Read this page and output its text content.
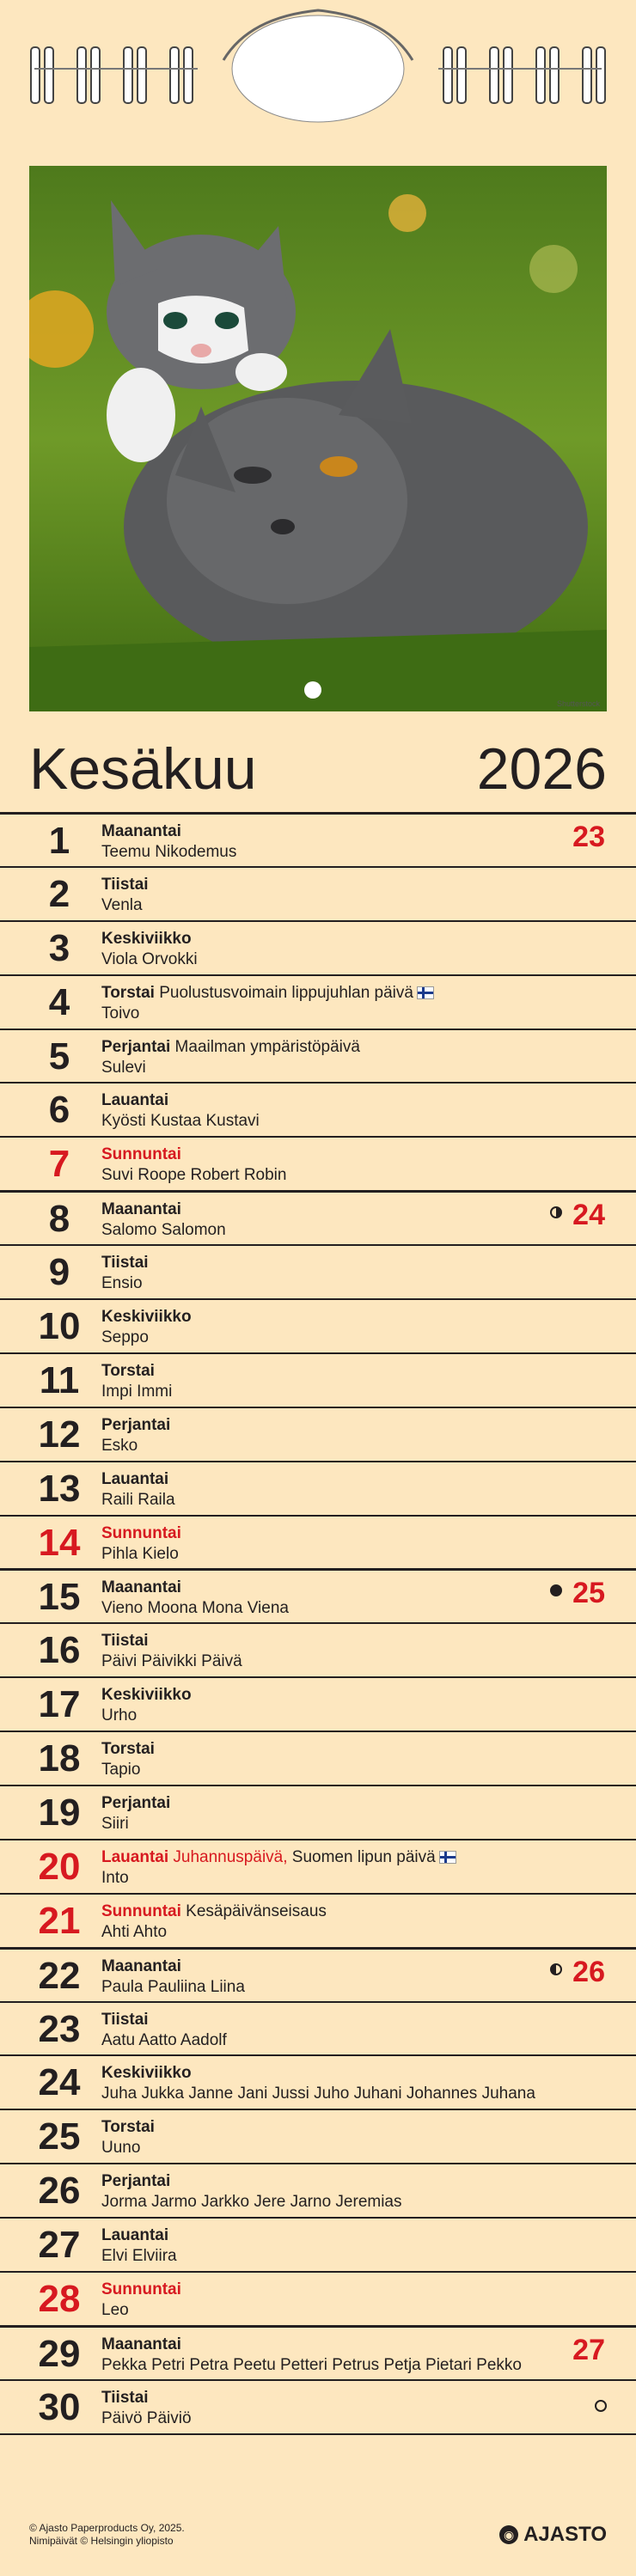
Shutterstock
Kesäkuu	2026
1	Maanantai
Teemu Nikodemus	23
2	Tiistai
Venla
3	Keskiviikko
Viola Orvokki
4	Torstai Puolustusvoimain lippujuhlan päivä
Toivo
5	Perjantai Maailman ympäristöpäivä
Sulevi
6	Lauantai
Kyösti Kustaa Kustavi
7	Sunnuntai
Suvi Roope Robert Robin
8	Maanantai
Salomo Salomon	24
9	Tiistai
Ensio
10	Keskiviikko
Seppo
11	Torstai
Impi Immi
12	Perjantai
Esko
13	Lauantai
Raili Raila
14	Sunnuntai
Pihla Kielo
15	Maanantai
Vieno Moona Mona Viena	25
16	Tiistai
Päivi Päivikki Päivä
17	Keskiviikko
Urho
18	Torstai
Tapio
19	Perjantai
Siiri
20	Lauantai Juhannuspäivä, Suomen lipun päivä
Into
21	Sunnuntai Kesäpäivänseisaus
Ahti Ahto
22	Maanantai
Paula Pauliina Liina	26
23	Tiistai
Aatu Aatto Aadolf
24	Keskiviikko
Juha Jukka Janne Jani Jussi Juho Juhani Johannes Juhana
25	Torstai
Uuno
26	Perjantai
Jorma Jarmo Jarkko Jere Jarno Jeremias
27	Lauantai
Elvi Elviira
28	Sunnuntai
Leo
29	Maanantai
Pekka Petri Petra Peetu Petteri Petrus Petja Pietari Pekko 27
30	Tiistai
Päivö Päiviö
© Ajasto Paperproducts Oy, 2025.
Nimipäivät © Helsingin yliopisto	◉ AJASTO
